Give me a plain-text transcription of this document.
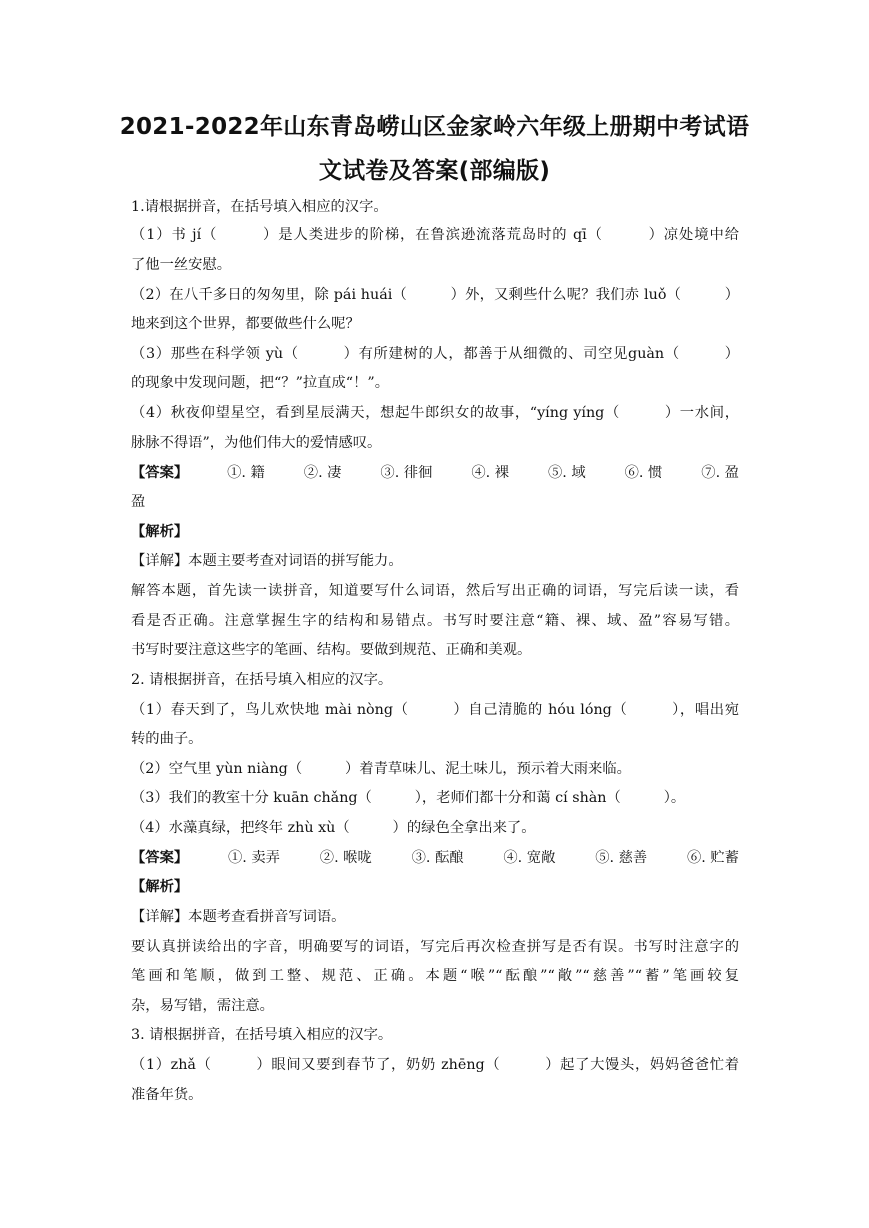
2021-2022年山东青岛崂山区金家岭六年级上册期中考试语
文试卷及答案(部编版)
1.请根据拼音，在括号填入相应的汉字。
（1）书 jí（　　　）是人类进步的阶梯，在鲁滨逊流落荒岛时的 qī（　　　）凉处境中给
了他一丝安慰。
（2）在八千多日的匆匆里，除 pái huái（　　　）外，又剩些什么呢？我们赤 luǒ（　　　）
地来到这个世界，都要做些什么呢？
（3）那些在科学领 yù（　　　）有所建树的人，都善于从细微的、司空见guàn（　　　）
的现象中发现问题，把“？”拉直成“！”。
（4）秋夜仰望星空，看到星辰满天，想起牛郎织女的故事，“yíng yíng（　　　）一水间，
脉脉不得语”，为他们伟大的爱情感叹。
【答案】	①. 籍	②. 凄	③. 徘徊	④. 裸	⑤. 域	⑥. 惯	⑦. 盈
盈
【解析】
【详解】本题主要考查对词语的拼写能力。
解答本题，首先读一读拼音，知道要写什么词语，然后写出正确的词语，写完后读一读，看
看是否正确。注意掌握生字的结构和易错点。书写时要注意“籍、裸、域、盈”容易写错。
书写时要注意这些字的笔画、结构。要做到规范、正确和美观。
2. 请根据拼音，在括号填入相应的汉字。
（1）春天到了，鸟儿欢快地 mài nòng（　　　）自己清脆的 hóu lóng（　　　），唱出宛
转的曲子。
（2）空气里 yùn niàng（　　　）着青草味儿、泥土味儿，预示着大雨来临。
（3）我们的教室十分 kuān chǎng（　　　），老师们都十分和蔼 cí shàn（　　　）。
（4）水藻真绿，把终年 zhù xù（　　　）的绿色全拿出来了。
【答案】	①. 卖弄	②. 喉咙	③. 酝酿	④. 宽敞	⑤. 慈善	⑥. 贮蓄
【解析】
【详解】本题考查看拼音写词语。
要认真拼读给出的字音，明确要写的词语，写完后再次检查拼写是否有误。书写时注意字的
笔画和笔顺，做到工整、规范、正确。本题“喉”“酝酿”“敞”“慈善”“蓄”笔画较复
杂，易写错，需注意。
3. 请根据拼音，在括号填入相应的汉字。
（1）zhǎ（　　　）眼间又要到春节了，奶奶 zhēng（　　　）起了大馒头，妈妈爸爸忙着
准备年货。
